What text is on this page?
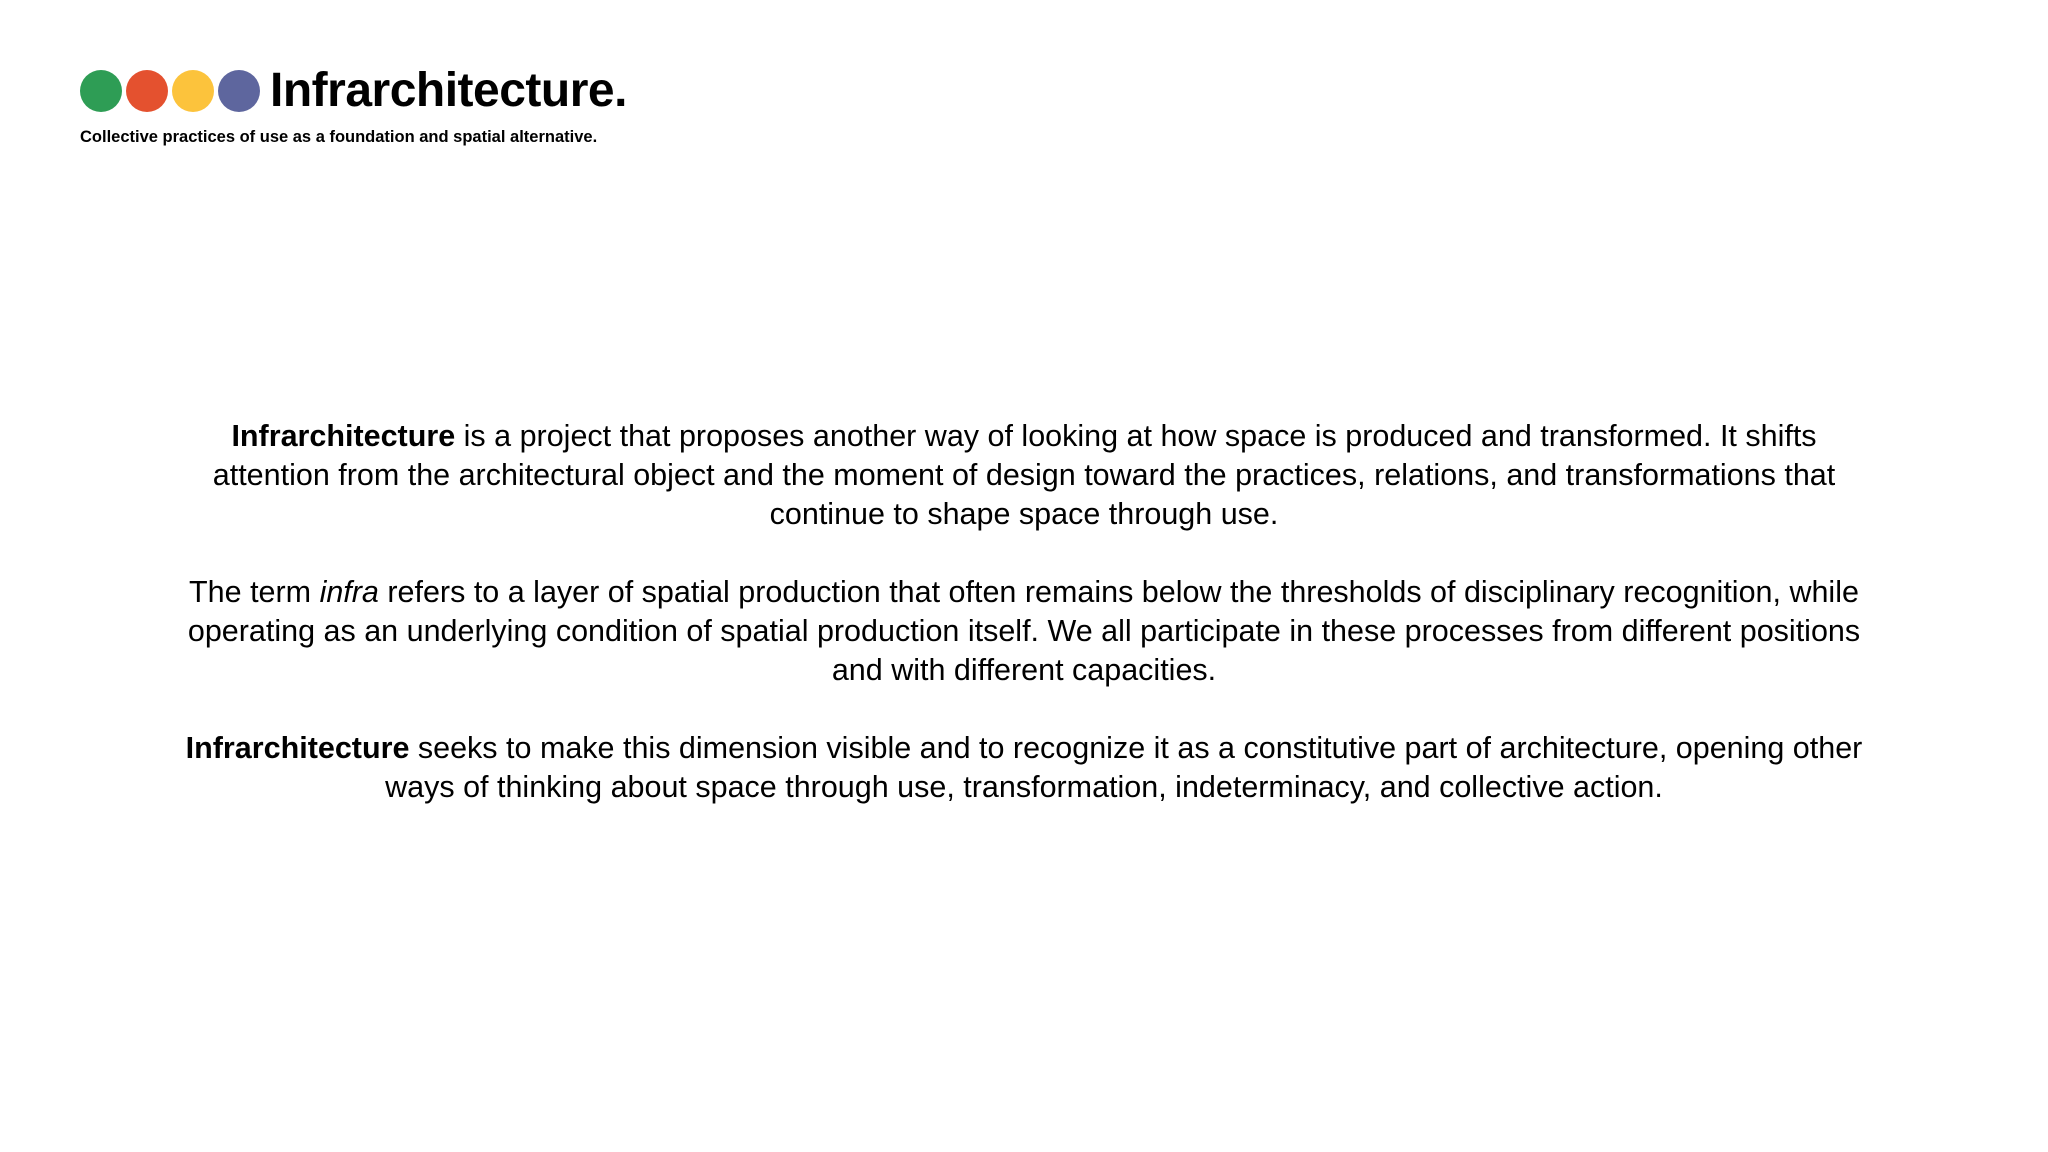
Infrarchitecture.
Collective practices of use as a foundation and spatial alternative.

Infrarchitecture is a project that proposes another way of looking at how space is produced and transformed. It shifts attention from the architectural object and the moment of design toward the practices, relations, and transformations that continue to shape space through use.

The term infra refers to a layer of spatial production that often remains below the thresholds of disciplinary recognition, while operating as an underlying condition of spatial production itself. We all participate in these processes from different positions and with different capacities.

Infrarchitecture seeks to make this dimension visible and to recognize it as a constitutive part of architecture, opening other ways of thinking about space through use, transformation, indeterminacy, and collective action.
